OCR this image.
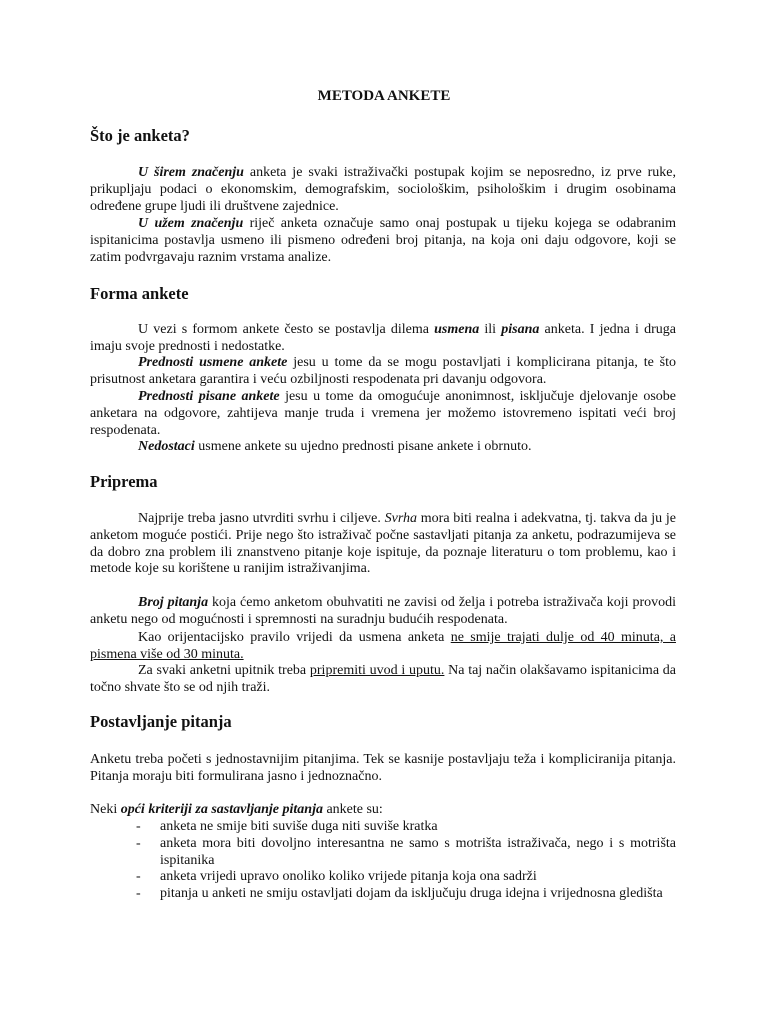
METODA ANKETE
Što je anketa?

U širem značenju anketa je svaki istraživački postupak kojim se neposredno, iz prve ruke, prikupljaju podaci o ekonomskim, demografskim, sociološkim, psihološkim i drugim osobinama određene grupe ljudi ili društvene zajednice.

U užem značenju riječ anketa označuje samo onaj postupak u tijeku kojega se odabranim ispitanicima postavlja usmeno ili pismeno određeni broj pitanja, na koja oni daju odgovore, koji se zatim podvrgavaju raznim vrstama analize.

Forma ankete

U vezi s formom ankete često se postavlja dilema usmena ili pisana anketa. I jedna i druga imaju svoje prednosti i nedostatke.

Prednosti usmene ankete jesu u tome da se mogu postavljati i komplicirana pitanja, te što prisutnost anketara garantira i veću ozbiljnosti respodenata pri davanju odgovora.

Prednosti pisane ankete jesu u tome da omogućuje anonimnost, isključuje djelovanje osobe anketara na odgovore, zahtijeva manje truda i vremena jer možemo istovremeno ispitati veći broj respodenata.

Nedostaci usmene ankete su ujedno prednosti pisane ankete i obrnuto.

Priprema

Najprije treba jasno utvrditi svrhu i ciljeve. Svrha mora biti realna i adekvatna, tj. takva da ju je anketom moguće postići. Prije nego što istraživač počne sastavljati pitanja za anketu, podrazumijeva se da dobro zna problem ili znanstveno pitanje koje ispituje, da poznaje literaturu o tom problemu, kao i metode koje su korištene u ranijim istraživanjima.

Broj pitanja koja ćemo anketom obuhvatiti ne zavisi od želja i potreba istraživača koji provodi anketu nego od mogućnosti i spremnosti na suradnju budućih respodenata.

Kao orijentacijsko pravilo vrijedi da usmena anketa ne smije trajati dulje od 40 minuta, a pismena više od 30 minuta.

Za svaki anketni upitnik treba pripremiti uvod i uputu. Na taj način olakšavamo ispitanicima da točno shvate što se od njih traži.

Postavljanje pitanja

Anketu treba početi s jednostavnijim pitanjima. Tek se kasnije postavljaju teža i kompliciranija pitanja. Pitanja moraju biti formulirana jasno i jednoznačno.

Neki opći kriteriji za sastavljanje pitanja ankete su:

- anketa ne smije biti suviše duga niti suviše kratka
- anketa mora biti dovoljno interesantna ne samo s motrišta istraživača, nego i s motrišta ispitanika
- anketa vrijedi upravo onoliko koliko vrijede pitanja koja ona sadrži
- pitanja u anketi ne smiju ostavljati dojam da isključuju druga idejna i vrijednosna gledišta
